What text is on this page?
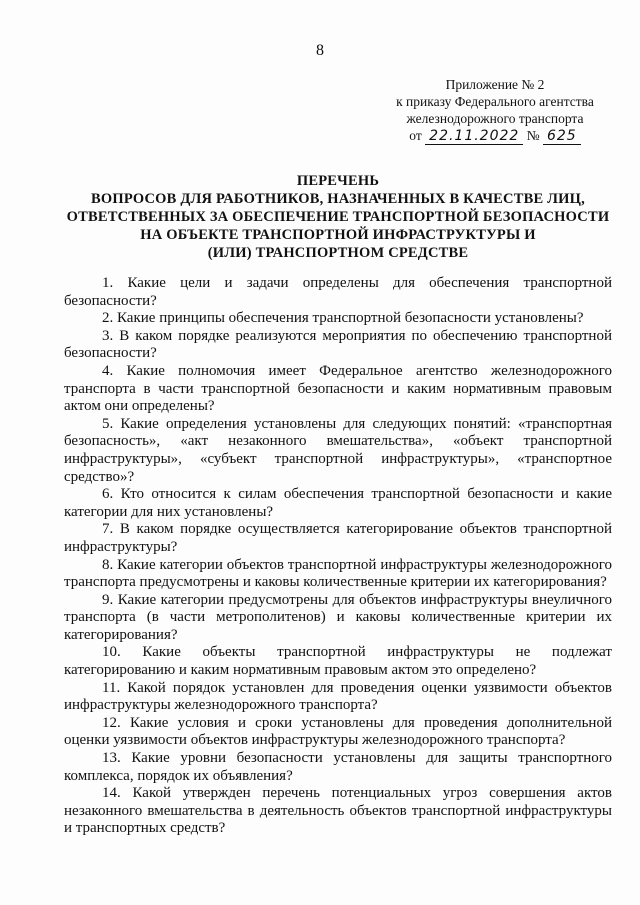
8
Приложение № 2
к приказу Федерального агентства
железнодорожного транспорта
от 22.11.2022 № 625
ПЕРЕЧЕНЬ
ВОПРОСОВ ДЛЯ РАБОТНИКОВ, НАЗНАЧЕННЫХ В КАЧЕСТВЕ ЛИЦ,
ОТВЕТСТВЕННЫХ ЗА ОБЕСПЕЧЕНИЕ ТРАНСПОРТНОЙ БЕЗОПАСНОСТИ
НА ОБЪЕКТЕ ТРАНСПОРТНОЙ ИНФРАСТРУКТУРЫ И
(ИЛИ) ТРАНСПОРТНОМ СРЕДСТВЕ

1. Какие цели и задачи определены для обеспечения транспортной безопасности?

2. Какие принципы обеспечения транспортной безопасности установлены?

3. В каком порядке реализуются мероприятия по обеспечению транспортной безопасности?

4. Какие полномочия имеет Федеральное агентство железнодорожного транспорта в части транспортной безопасности и каким нормативным правовым актом они определены?

5. Какие определения установлены для следующих понятий: «транспортная безопасность», «акт незаконного вмешательства», «объект транспортной инфраструктуры», «субъект транспортной инфраструктуры», «транспортное средство»?

6. Кто относится к силам обеспечения транспортной безопасности и какие категории для них установлены?

7. В каком порядке осуществляется категорирование объектов транспортной инфраструктуры?

8. Какие категории объектов транспортной инфраструктуры железнодорожного транспорта предусмотрены и каковы количественные критерии их категорирования?

9. Какие категории предусмотрены для объектов инфраструктуры внеуличного транспорта (в части метрополитенов) и каковы количественные критерии их категорирования?

10. Какие объекты транспортной инфраструктуры не подлежат категорированию и каким нормативным правовым актом это определено?

11. Какой порядок установлен для проведения оценки уязвимости объектов инфраструктуры железнодорожного транспорта?

12. Какие условия и сроки установлены для проведения дополнительной оценки уязвимости объектов инфраструктуры железнодорожного транспорта?

13. Какие уровни безопасности установлены для защиты транспортного комплекса, порядок их объявления?

14. Какой утвержден перечень потенциальных угроз совершения актов незаконного вмешательства в деятельность объектов транспортной инфраструктуры и транспортных средств?
